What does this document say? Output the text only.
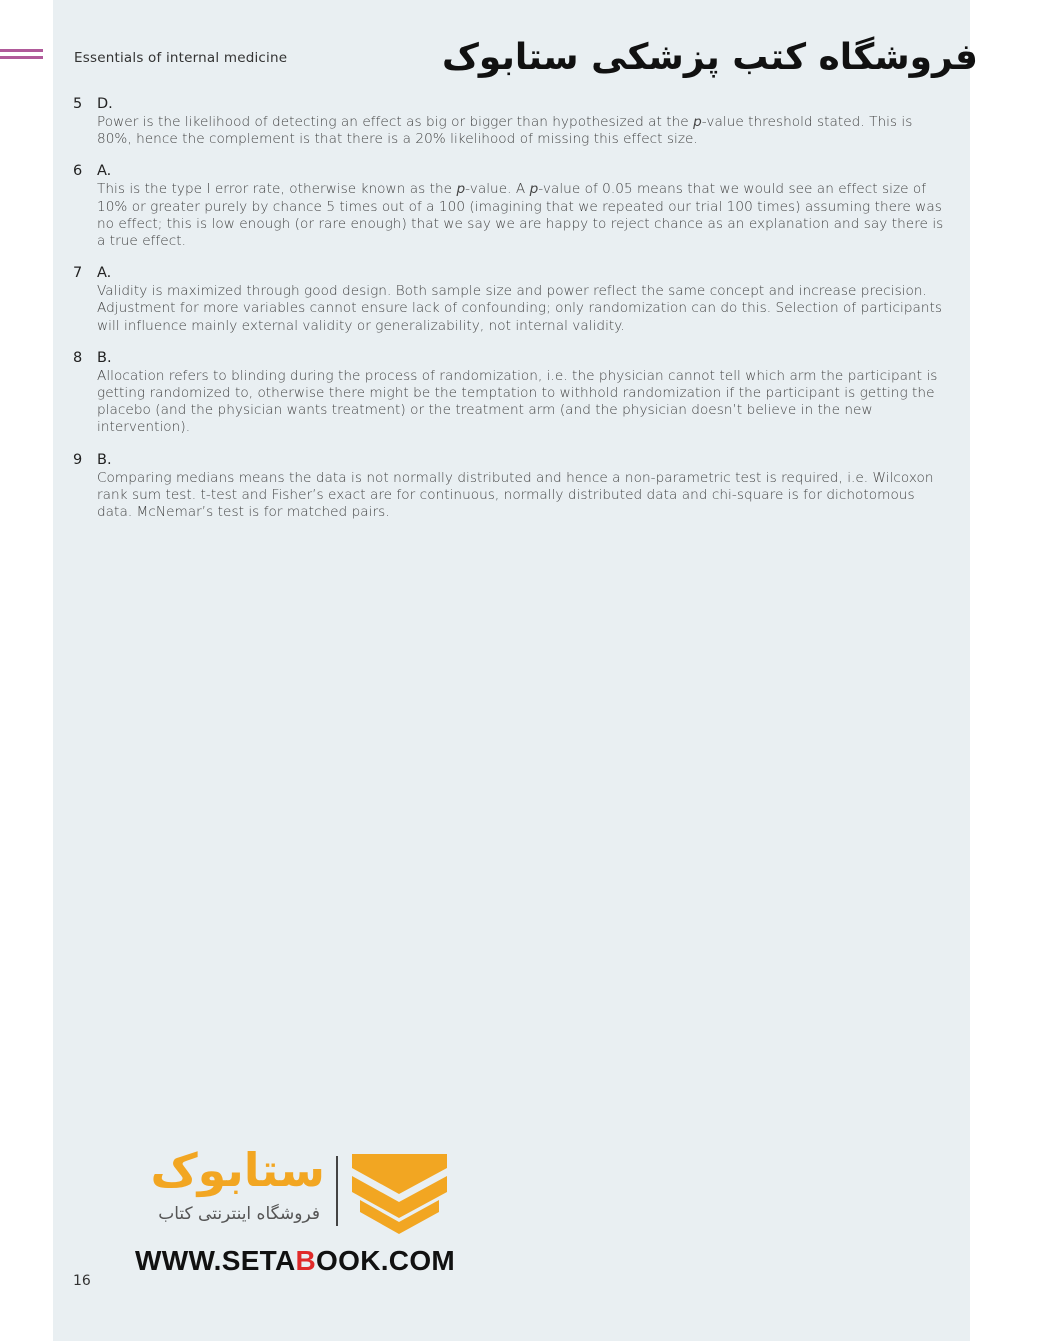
Essentials of internal medicine	فروشگاه کتب پزشکی ستابوک
5	D.
Power is the likelihood of detecting an effect as big or bigger than hypothesized at the p-value threshold stated. This is 80%, hence the complement is that there is a 20% likelihood of missing this effect size.
6	A.
This is the type I error rate, otherwise known as the p-value. A p-value of 0.05 means that we would see an effect size of 10% or greater purely by chance 5 times out of a 100 (imagining that we repeated our trial 100 times) assuming there was no effect; this is low enough (or rare enough) that we say we are happy to reject chance as an explanation and say there is a true effect.
7	A.
Validity is maximized through good design. Both sample size and power reflect the same concept and increase precision. Adjustment for more variables cannot ensure lack of confounding; only randomization can do this. Selection of participants will influence mainly external validity or generalizability, not internal validity.
8	B.
Allocation refers to blinding during the process of randomization, i.e. the physician cannot tell which arm the participant is getting randomized to, otherwise there might be the temptation to withhold randomization if the participant is getting the placebo (and the physician wants treatment) or the treatment arm (and the physician doesn’t believe in the new intervention).
9	B.
Comparing medians means the data is not normally distributed and hence a non-parametric test is required, i.e. Wilcoxon rank sum test. t-test and Fisher’s exact are for continuous, normally distributed data and chi-square is for dichotomous data. McNemar’s test is for matched pairs.
ستابوک
فروشگاه اینترنتی کتاب
WWW.SETABOOK.COM
16
